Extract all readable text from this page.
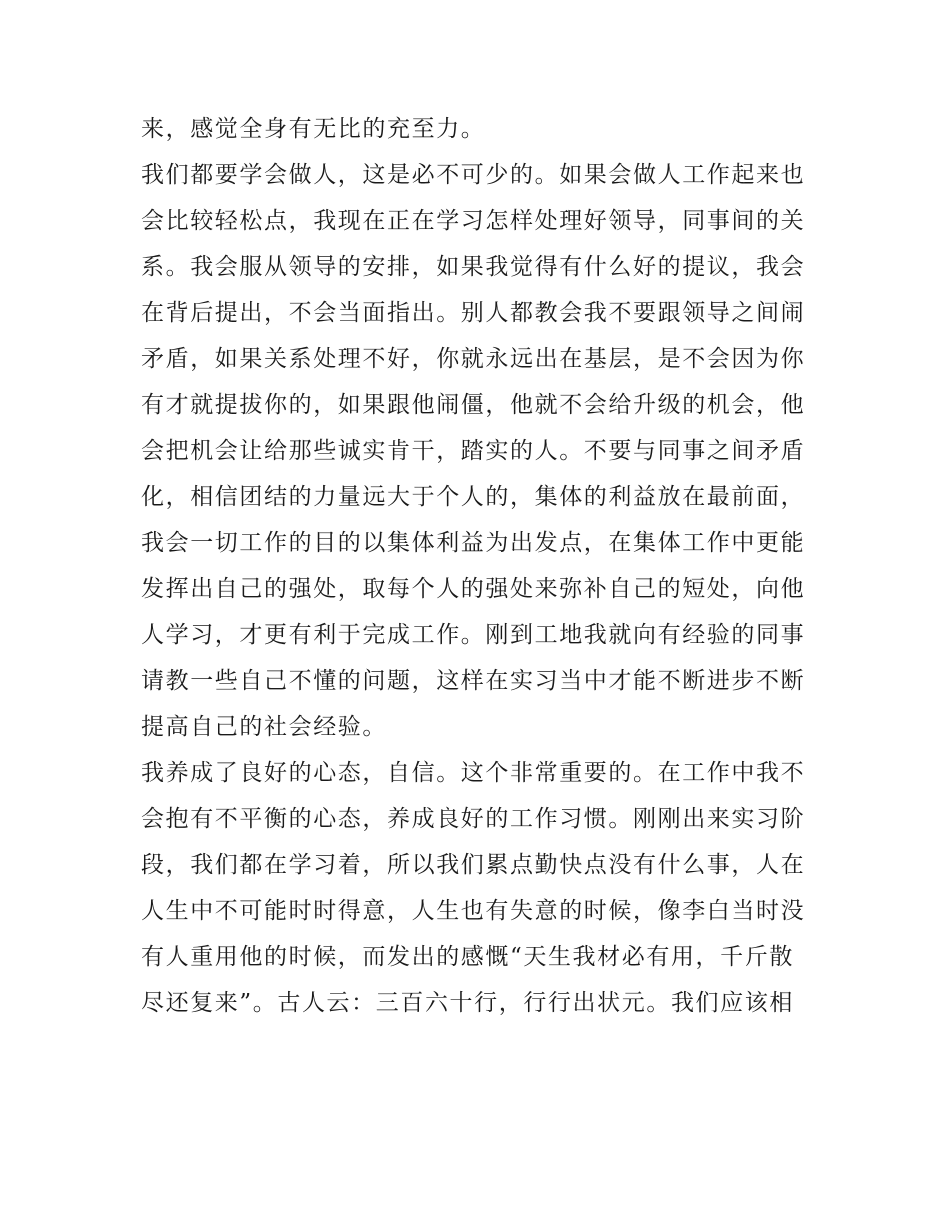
来，感觉全身有无比的充至力。
我们都要学会做人，这是必不可少的。如果会做人工作起来也
会比较轻松点，我现在正在学习怎样处理好领导，同事间的关
系。我会服从领导的安排，如果我觉得有什么好的提议，我会
在背后提出，不会当面指出。别人都教会我不要跟领导之间闹
矛盾，如果关系处理不好，你就永远出在基层，是不会因为你
有才就提拔你的，如果跟他闹僵，他就不会给升级的机会，他
会把机会让给那些诚实肯干，踏实的人。不要与同事之间矛盾
化，相信团结的力量远大于个人的，集体的利益放在最前面，
我会一切工作的目的以集体利益为出发点，在集体工作中更能
发挥出自己的强处，取每个人的强处来弥补自己的短处，向他
人学习，才更有利于完成工作。刚到工地我就向有经验的同事
请教一些自己不懂的问题，这样在实习当中才能不断进步不断
提高自己的社会经验。
我养成了良好的心态，自信。这个非常重要的。在工作中我不
会抱有不平衡的心态，养成良好的工作习惯。刚刚出来实习阶
段，我们都在学习着，所以我们累点勤快点没有什么事，人在
人生中不可能时时得意，人生也有失意的时候，像李白当时没
有人重用他的时候，而发出的感慨“天生我材必有用，千斤散
尽还复来”。古人云：三百六十行，行行出状元。我们应该相
